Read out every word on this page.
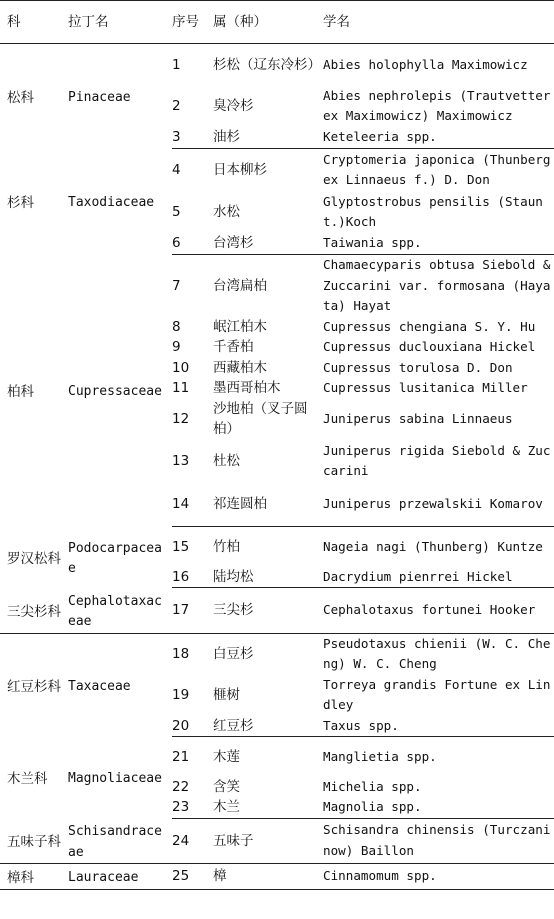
科	拉丁名	序号	属（种）	学名
松科	Pinaceae	1	杉松（辽东冷杉）	Abies holophylla Maximowicz
		2	臭冷杉	Abies nephrolepis (Trautvetter ex Maximowicz) Maximowicz
		3	油杉	Keteleeria spp.
杉科	Taxodiaceae	4	日本柳杉	Cryptomeria japonica (Thunberg ex Linnaeus f.) D. Don
		5	水松	Glyptostrobus pensilis (Staunt.)Koch
		6	台湾杉	Taiwania spp.
柏科	Cupressaceae	7	台湾扁柏	Chamaecyparis obtusa Siebold & Zuccarini var. formosana (Hayata) Hayat
		8	岷江柏木	Cupressus chengiana S. Y. Hu
		9	千香柏	Cupressus duclouxiana Hickel
		10	西藏柏木	Cupressus torulosa D. Don
		11	墨西哥柏木	Cupressus lusitanica Miller
		12	沙地柏（叉子圆柏）	Juniperus sabina Linnaeus
		13	杜松	Juniperus rigida Siebold & Zuccarini
		14	祁连圆柏	Juniperus przewalskii Komarov
罗汉松科	Podocarpaceae	15	竹柏	Nageia nagi (Thunberg) Kuntze
		16	陆均松	Dacrydium pienrrei Hickel
三尖杉科	Cephalotaxaceae	17	三尖杉	Cephalotaxus fortunei Hooker
红豆杉科	Taxaceae	18	白豆杉	Pseudotaxus chienii (W. C. Cheng) W. C. Cheng
		19	榧树	Torreya grandis Fortune ex Lindley
		20	红豆杉	Taxus spp.
木兰科	Magnoliaceae	21	木莲	Manglietia spp.
		22	含笑	Michelia spp.
		23	木兰	Magnolia spp.
五味子科	Schisandraceae	24	五味子	Schisandra chinensis (Turczaninow) Baillon
樟科	Lauraceae	25	樟	Cinnamomum spp.
